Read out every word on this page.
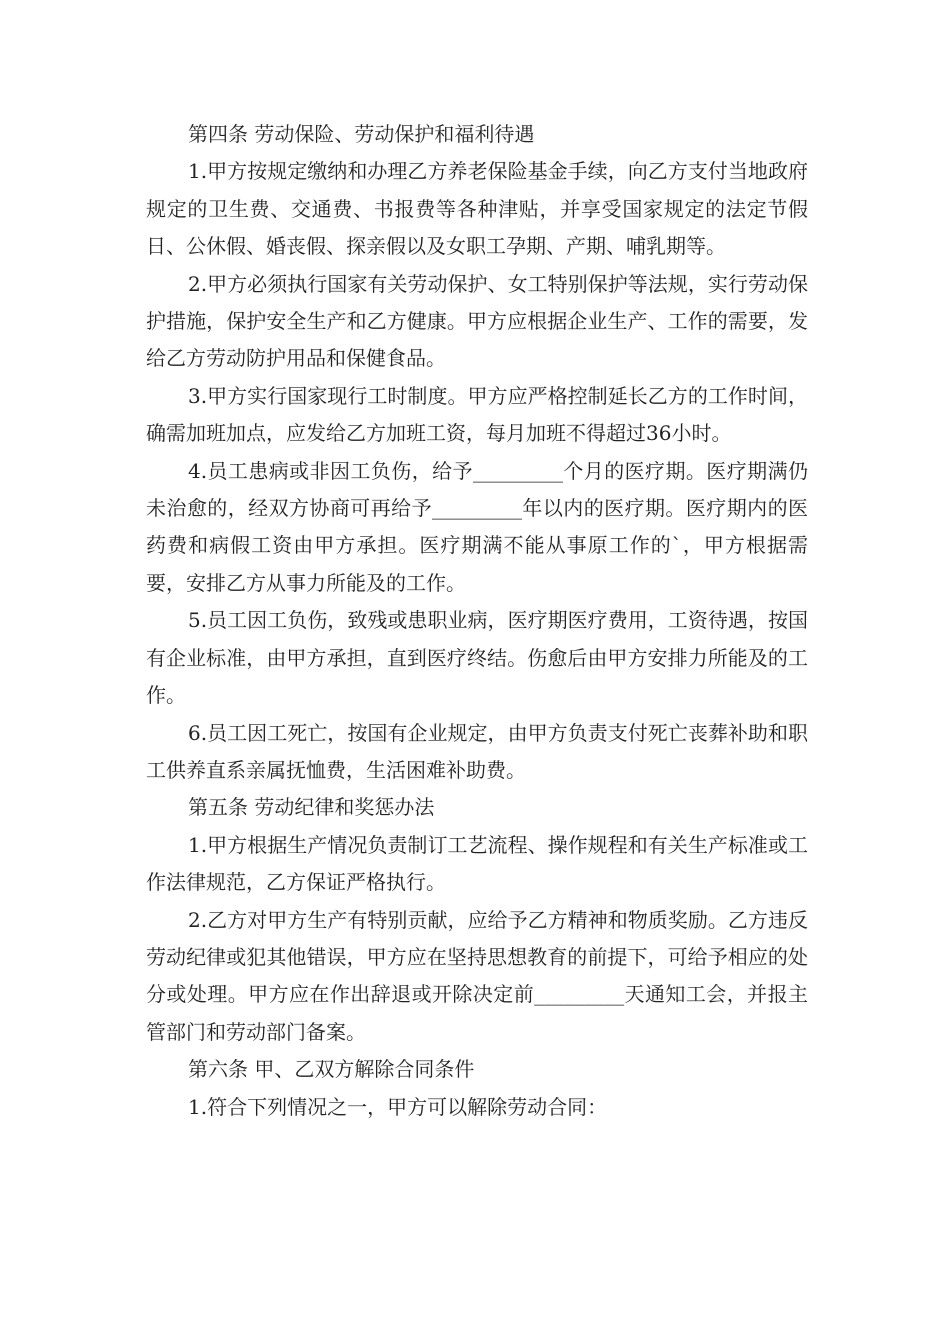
第四条 劳动保险、劳动保护和福利待遇

1.甲方按规定缴纳和办理乙方养老保险基金手续，向乙方支付当地政府规定的卫生费、交通费、书报费等各种津贴，并享受国家规定的法定节假日、公休假、婚丧假、探亲假以及女职工孕期、产期、哺乳期等。

2.甲方必须执行国家有关劳动保护、女工特别保护等法规，实行劳动保护措施，保护安全生产和乙方健康。甲方应根据企业生产、工作的需要，发给乙方劳动防护用品和保健食品。

3.甲方实行国家现行工时制度。甲方应严格控制延长乙方的工作时间，确需加班加点，应发给乙方加班工资，每月加班不得超过36小时。

4.员工患病或非因工负伤，给予_________个月的医疗期。医疗期满仍未治愈的，经双方协商可再给予_________年以内的医疗期。医疗期内的医药费和病假工资由甲方承担。医疗期满不能从事原工作的`，甲方根据需要，安排乙方从事力所能及的工作。

5.员工因工负伤，致残或患职业病，医疗期医疗费用，工资待遇，按国有企业标准，由甲方承担，直到医疗终结。伤愈后由甲方安排力所能及的工作。

6.员工因工死亡，按国有企业规定，由甲方负责支付死亡丧葬补助和职工供养直系亲属抚恤费，生活困难补助费。

第五条 劳动纪律和奖惩办法

1.甲方根据生产情况负责制订工艺流程、操作规程和有关生产标准或工作法律规范，乙方保证严格执行。

2.乙方对甲方生产有特别贡献，应给予乙方精神和物质奖励。乙方违反劳动纪律或犯其他错误，甲方应在坚持思想教育的前提下，可给予相应的处分或处理。甲方应在作出辞退或开除决定前_________天通知工会，并报主管部门和劳动部门备案。

第六条 甲、乙双方解除合同条件

1.符合下列情况之一，甲方可以解除劳动合同：
